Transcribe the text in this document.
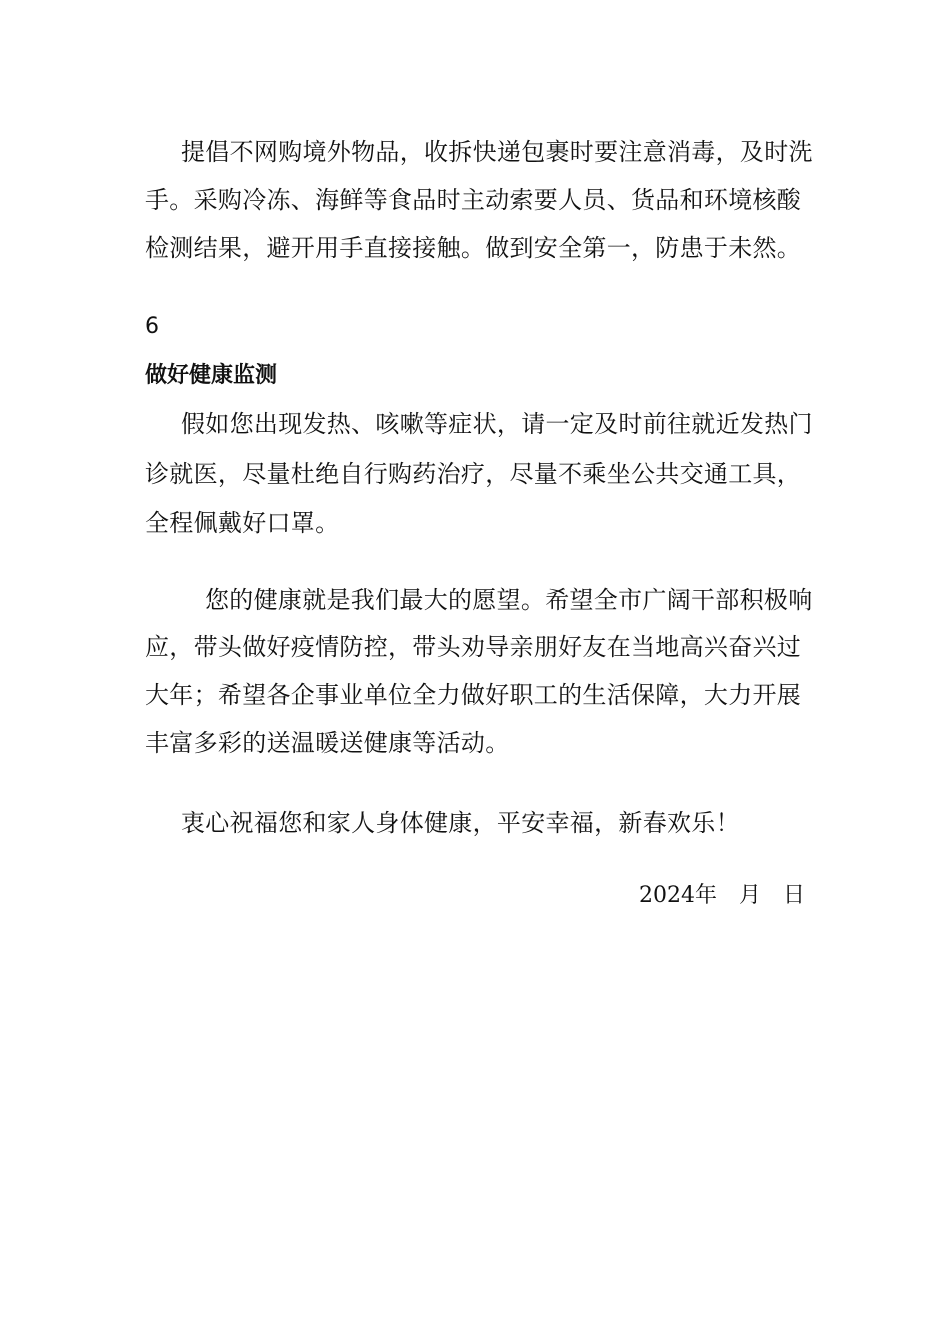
提倡不网购境外物品，收拆快递包裹时要注意消毒，及时洗
手。采购冷冻、海鲜等食品时主动索要人员、货品和环境核酸
检测结果，避开用手直接接触。做到安全第一，防患于未然。
6
做好健康监测
假如您出现发热、咳嗽等症状，请一定及时前往就近发热门
诊就医，尽量杜绝自行购药治疗，尽量不乘坐公共交通工具，
全程佩戴好口罩。
您的健康就是我们最大的愿望。希望全市广阔干部积极响
应，带头做好疫情防控，带头劝导亲朋好友在当地高兴奋兴过
大年；希望各企事业单位全力做好职工的生活保障，大力开展
丰富多彩的送温暖送健康等活动。
衷心祝福您和家人身体健康，平安幸福，新春欢乐！
2024年　月　日
